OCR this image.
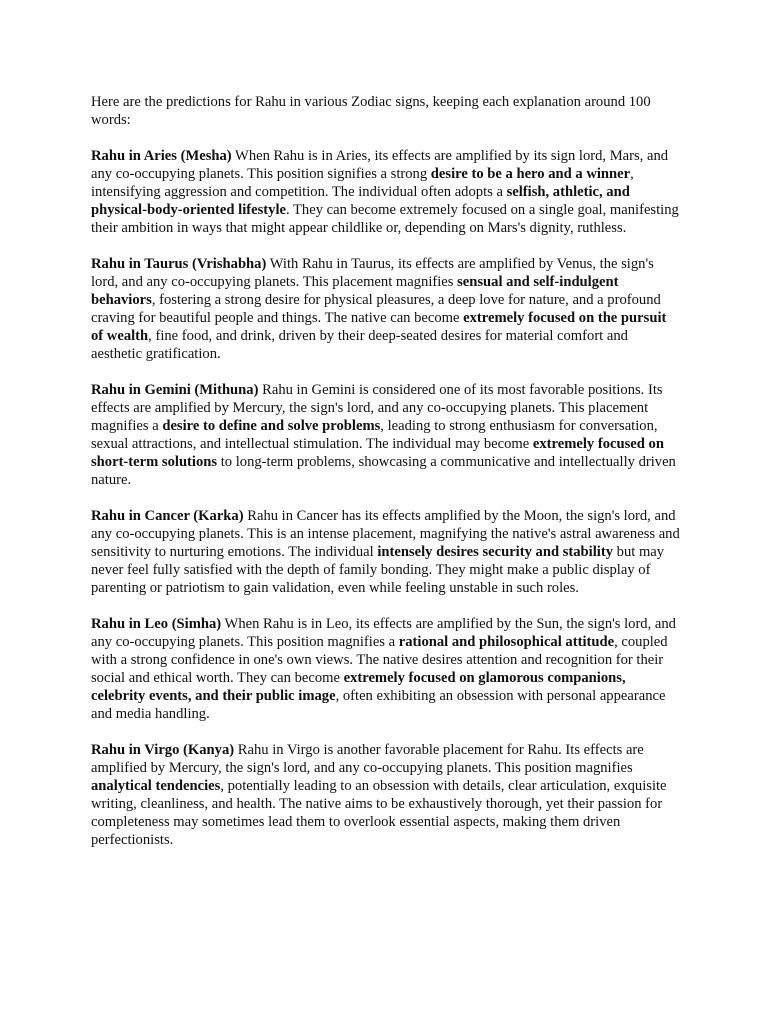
Here are the predictions for Rahu in various Zodiac signs, keeping each explanation around 100 words:

Rahu in Aries (Mesha) When Rahu is in Aries, its effects are amplified by its sign lord, Mars, and any co-occupying planets. This position signifies a strong desire to be a hero and a winner, intensifying aggression and competition. The individual often adopts a selfish, athletic, and physical-body-oriented lifestyle. They can become extremely focused on a single goal, manifesting their ambition in ways that might appear childlike or, depending on Mars's dignity, ruthless.

Rahu in Taurus (Vrishabha) With Rahu in Taurus, its effects are amplified by Venus, the sign's lord, and any co-occupying planets. This placement magnifies sensual and self-indulgent behaviors, fostering a strong desire for physical pleasures, a deep love for nature, and a profound craving for beautiful people and things. The native can become extremely focused on the pursuit of wealth, fine food, and drink, driven by their deep-seated desires for material comfort and aesthetic gratification.

Rahu in Gemini (Mithuna) Rahu in Gemini is considered one of its most favorable positions. Its effects are amplified by Mercury, the sign's lord, and any co-occupying planets. This placement magnifies a desire to define and solve problems, leading to strong enthusiasm for conversation, sexual attractions, and intellectual stimulation. The individual may become extremely focused on short-term solutions to long-term problems, showcasing a communicative and intellectually driven nature.

Rahu in Cancer (Karka) Rahu in Cancer has its effects amplified by the Moon, the sign's lord, and any co-occupying planets. This is an intense placement, magnifying the native's astral awareness and sensitivity to nurturing emotions. The individual intensely desires security and stability but may never feel fully satisfied with the depth of family bonding. They might make a public display of parenting or patriotism to gain validation, even while feeling unstable in such roles.

Rahu in Leo (Simha) When Rahu is in Leo, its effects are amplified by the Sun, the sign's lord, and any co-occupying planets. This position magnifies a rational and philosophical attitude, coupled with a strong confidence in one's own views. The native desires attention and recognition for their social and ethical worth. They can become extremely focused on glamorous companions, celebrity events, and their public image, often exhibiting an obsession with personal appearance and media handling.

Rahu in Virgo (Kanya) Rahu in Virgo is another favorable placement for Rahu. Its effects are amplified by Mercury, the sign's lord, and any co-occupying planets. This position magnifies analytical tendencies, potentially leading to an obsession with details, clear articulation, exquisite writing, cleanliness, and health. The native aims to be exhaustively thorough, yet their passion for completeness may sometimes lead them to overlook essential aspects, making them driven perfectionists.
